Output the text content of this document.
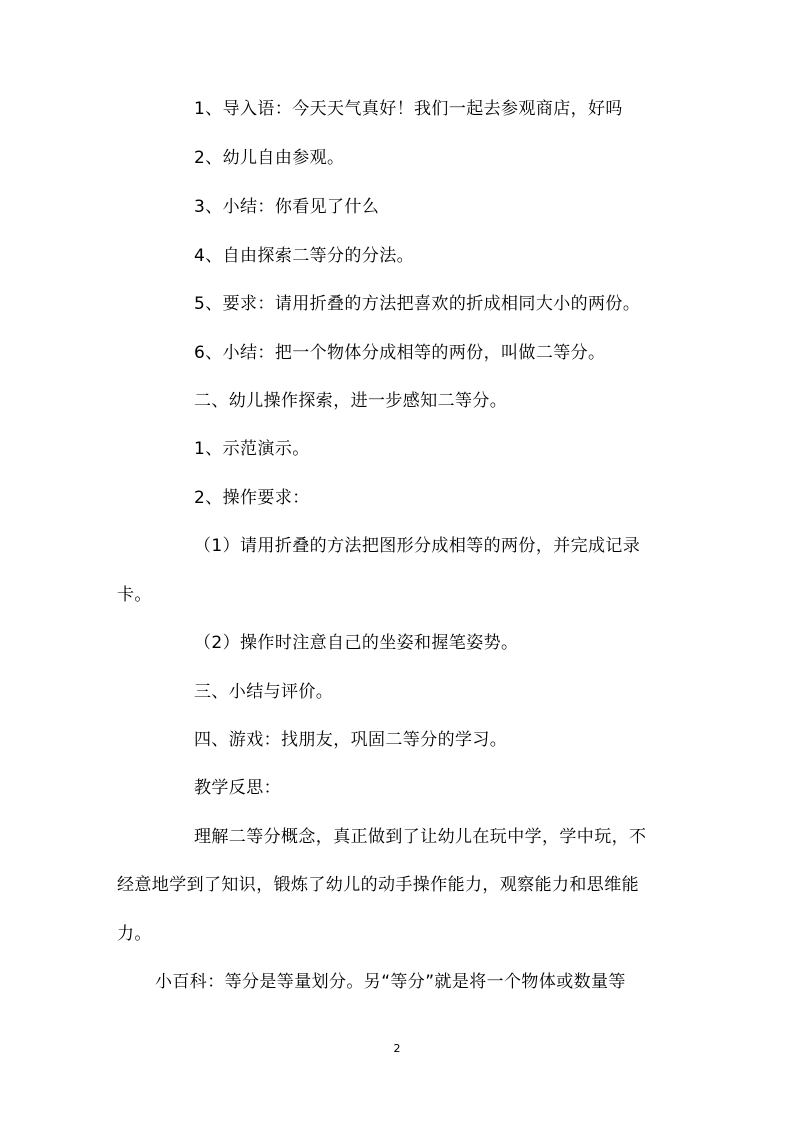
1、导入语：今天天气真好！我们一起去参观商店，好吗
2、幼儿自由参观。
3、小结：你看见了什么
4、自由探索二等分的分法。
5、要求：请用折叠的方法把喜欢的折成相同大小的两份。
6、小结：把一个物体分成相等的两份，叫做二等分。
二、幼儿操作探索，进一步感知二等分。
1、示范演示。
2、操作要求：
（1）请用折叠的方法把图形分成相等的两份，并完成记录
卡。
（2）操作时注意自己的坐姿和握笔姿势。
三、小结与评价。
四、游戏：找朋友，巩固二等分的学习。
教学反思：
理解二等分概念，真正做到了让幼儿在玩中学，学中玩，不
经意地学到了知识，锻炼了幼儿的动手操作能力，观察能力和思维能
力。
小百科：等分是等量划分。另“等分”就是将一个物体或数量等
2
